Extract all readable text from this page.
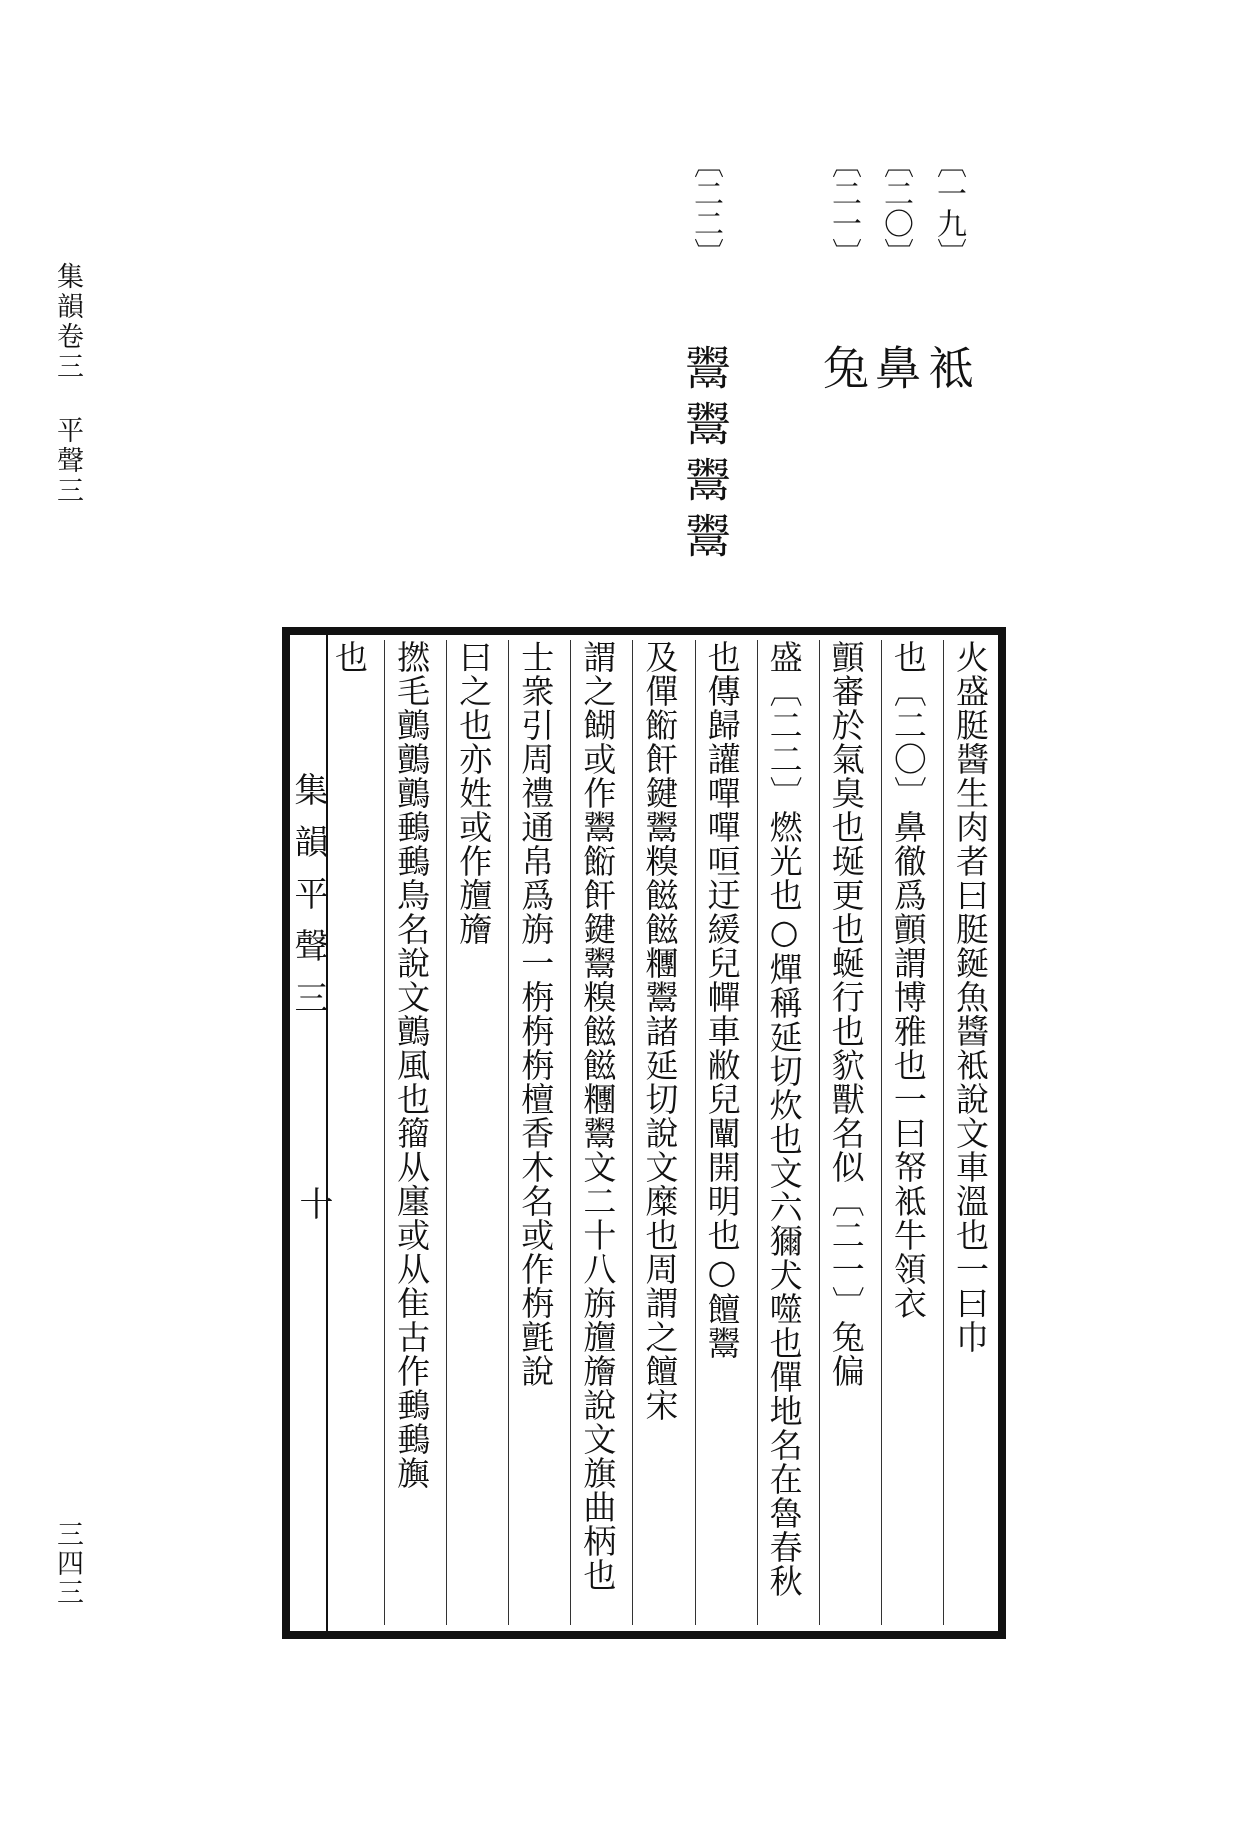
集韻卷三 平聲三
三四三
〔一九〕 袛
〔二〇〕 鼻
〔二一〕 兔
〔二二〕 鬻鬻鬻鬻
集韻平聲三
十	火盛脡醬生肉者曰脡鋋魚醬袛說文車溫也一曰巾
也〔二〇〕鼻徹爲顫謂博雅也一曰帑袛牛領衣
顫審於氣臭也埏更也蜒行也貁獸名似〔二一〕兔偏
盛〔二二〕燃光也○燀稱延切炊也文六獮犬噬也僤地名在魯春秋
也傳歸讙嘽嘽咺迂緩兒幝車敝兒闡開明也○饘鬻
及僤餰飦鍵鬻糗𩝐𩝐糰鬻諸延切說文糜也周謂之饘宋
謂之餬或作鬻餰飦鍵鬻糗𩝐𩝐糰鬻文二十八旃旜旝說文旗曲柄也
士衆引周禮通帛爲旃一栴栴栴檀香木名或作栴氈說
曰之也亦姓或作旜旝
撚毛鸇鸇鸇䳠䳠鳥名說文鸇風也籀从廛或从隹古作䳠䳠旟
也
